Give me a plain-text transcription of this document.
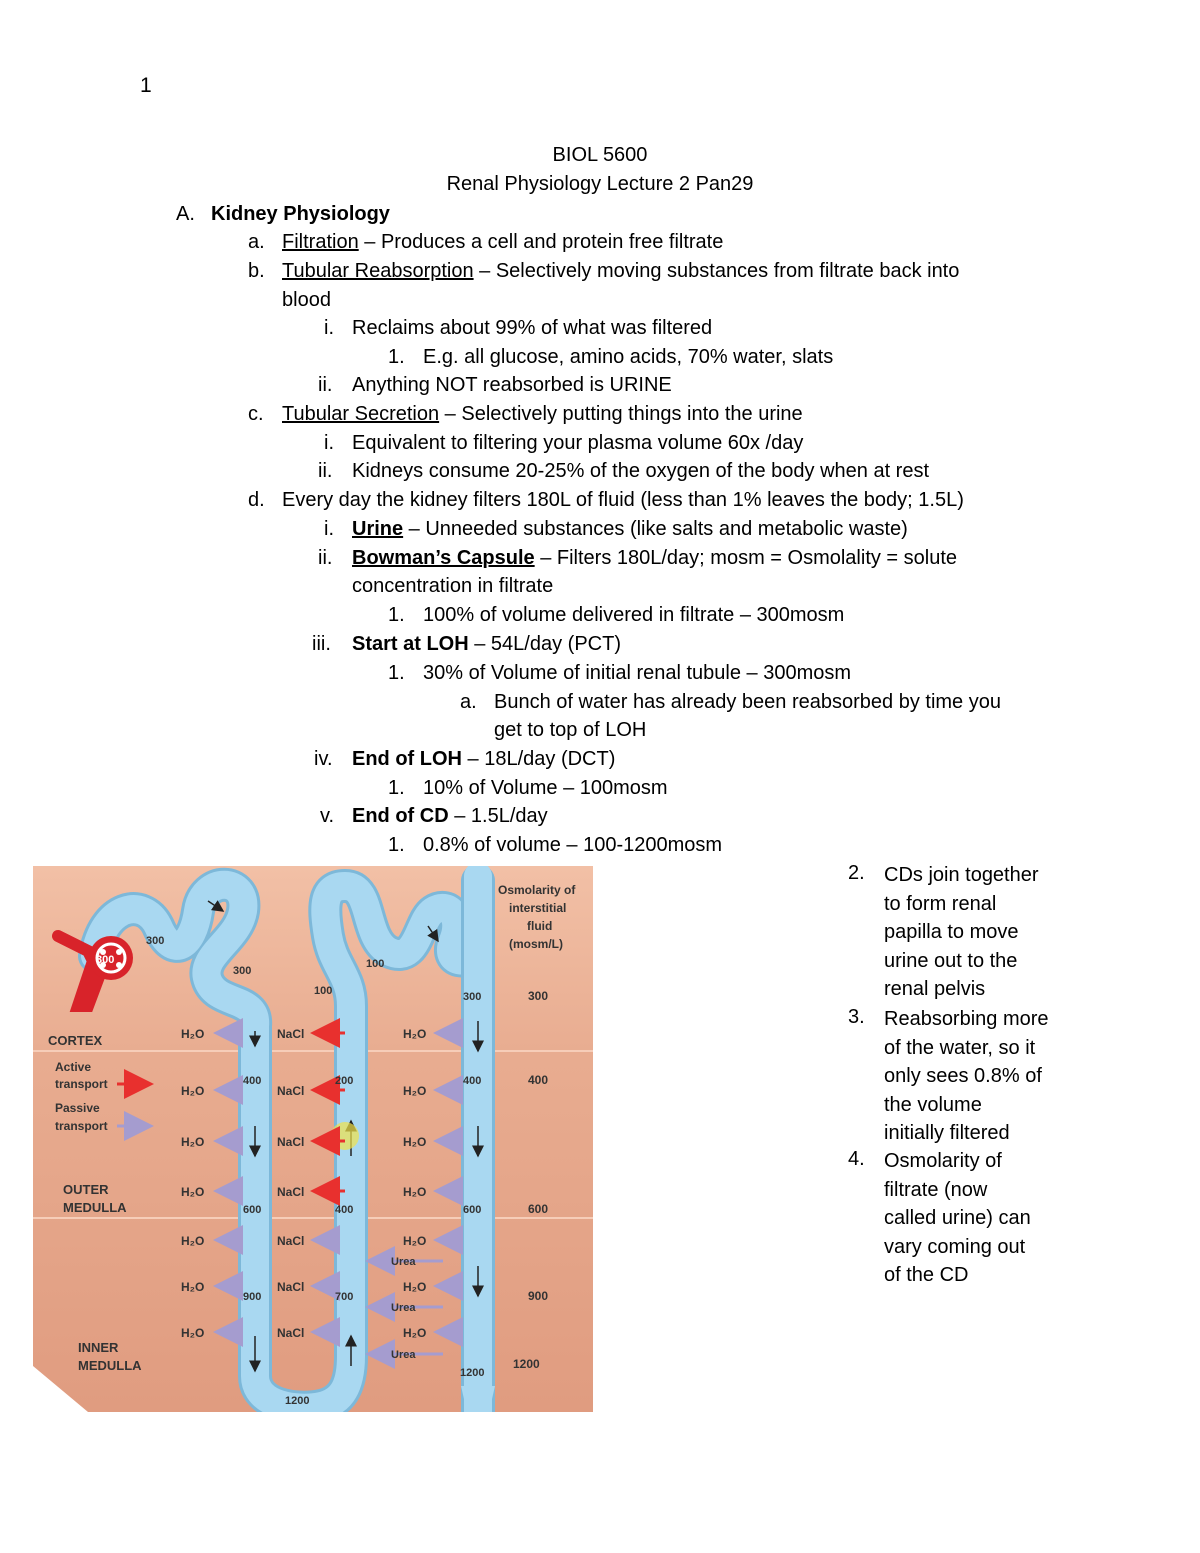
1
BIOL 5600
Renal Physiology Lecture 2 Pan29
A. Kidney Physiology
a. Filtration – Produces a cell and protein free filtrate
b. Tubular Reabsorption – Selectively moving substances from filtrate back into
blood
i. Reclaims about 99% of what was filtered
1. E.g. all glucose, amino acids, 70% water, slats
ii. Anything NOT reabsorbed is URINE
c. Tubular Secretion – Selectively putting things into the urine
i. Equivalent to filtering your plasma volume 60x /day
ii. Kidneys consume 20-25% of the oxygen of the body when at rest
d. Every day the kidney filters 180L of fluid (less than 1% leaves the body; 1.5L)
i. Urine – Unneeded substances (like salts and metabolic waste)
ii. Bowman’s Capsule – Filters 180L/day; mosm = Osmolality = solute
concentration in filtrate
1. 100% of volume delivered in filtrate – 300mosm
iii. Start at LOH – 54L/day (PCT)
1. 30% of Volume of initial renal tubule – 300mosm
a. Bunch of water has already been reabsorbed by time you
get to top of LOH
iv. End of LOH – 18L/day (DCT)
1. 10% of Volume – 100mosm
v. End of CD – 1.5L/day
1. 0.8% of volume – 100-1200mosm
2. CDs join together
to form renal
papilla to move
urine out to the
renal pelvis
3. Reabsorbing more
of the water, so it
only sees 0.8% of
the volume
initially filtered
4. Osmolarity of
filtrate (now
called urine) can
vary coming out
of the CD
H₂O
H₂O
H₂O
H₂O
H₂O
H₂O
H₂O
H₂O
H₂O
H₂O
H₂O
H₂O
H₂O
H₂O
NaCl
NaCl
NaCl
NaCl
NaCl
NaCl
NaCl
Urea
Urea
Urea
300
300
300
100
100	300
400	200	400
600	400	600
900	700
1200
1200
Osmolarity of
interstitial
fluid
(mosm/L)
300
400
600
900
1200
CORTEX
OUTER
MEDULLA
INNER
MEDULLA
Active
transport
Passive
transport
